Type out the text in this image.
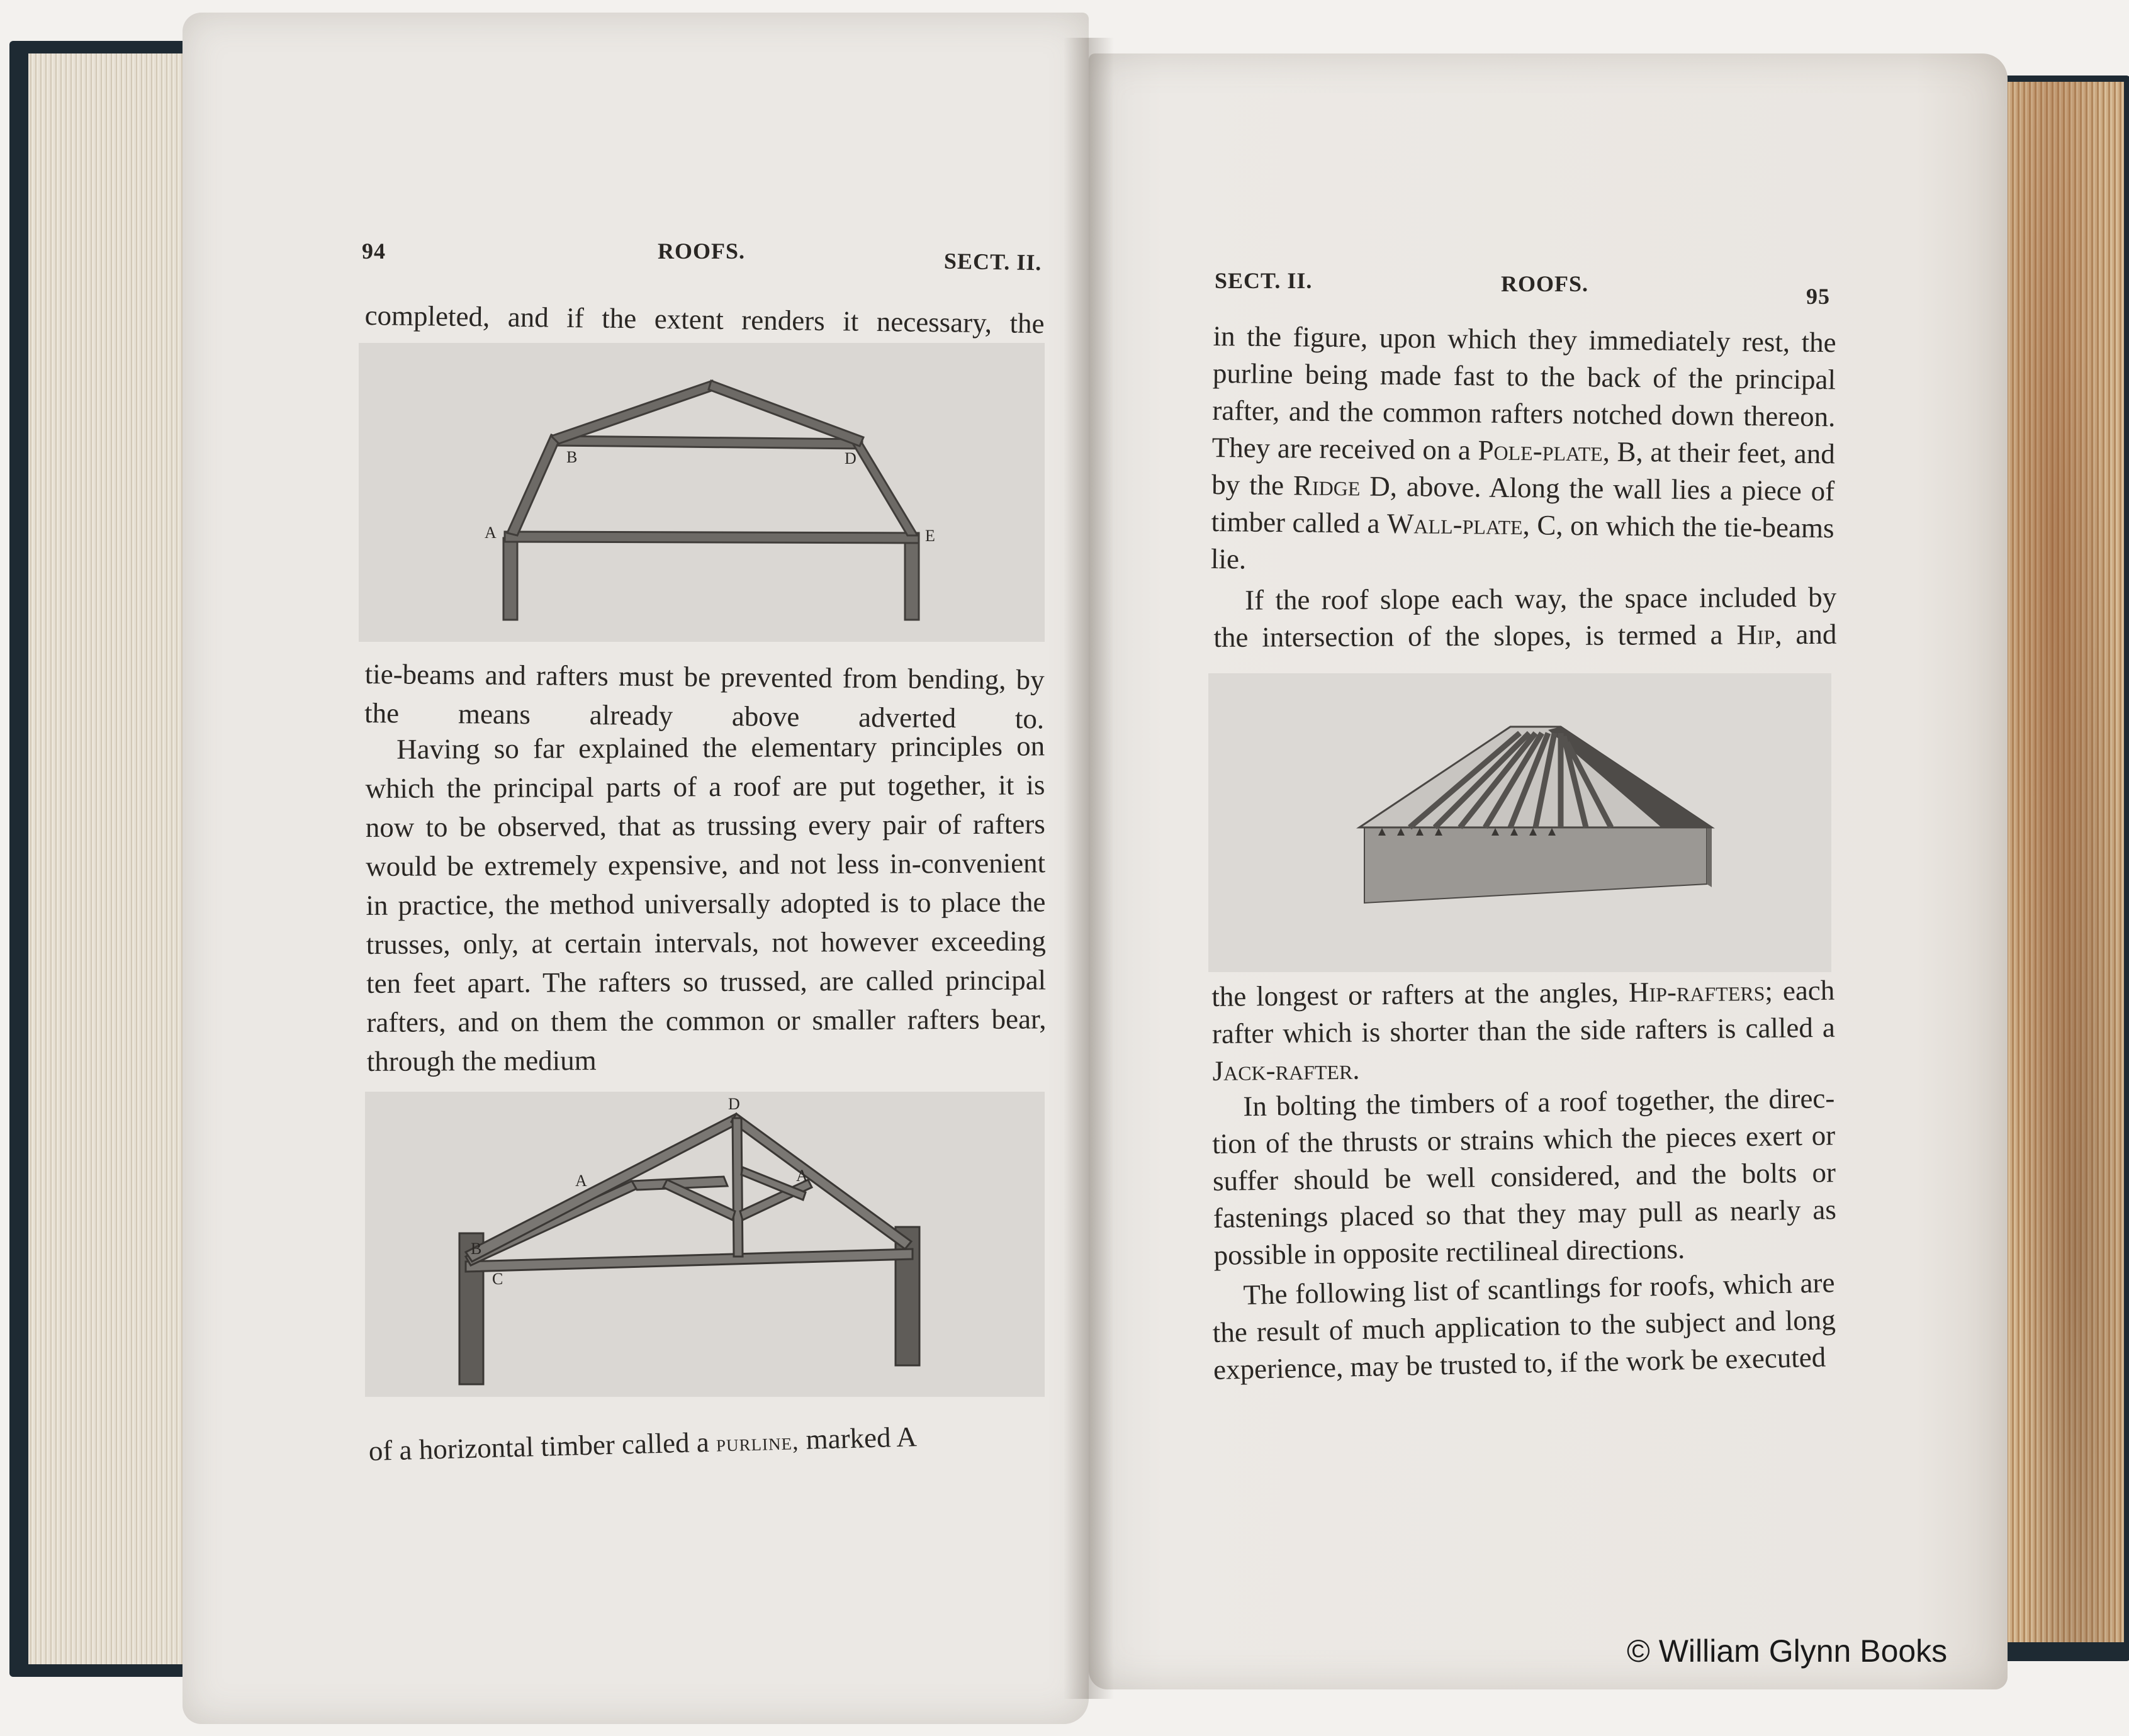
94	ROOFS.	SECT. II.
completed, and if the extent renders it necessary, the
A
B	D
E
tie-beams and rafters must be prevented from bending, by the means already above adverted to.
Having so far explained the elementary principles on which the principal parts of a roof are put together, it is now to be observed, that as trussing every pair of rafters would be extremely expensive, and not less in-convenient in practice, the method universally adopted is to place the trusses, only, at certain intervals, not however exceeding ten feet apart. The rafters so trussed, are called principal rafters, and on them the common or smaller rafters bear, through the medium
D
A	A
B
C
of a horizontal timber called a purline, marked A
SECT. II.	ROOFS.	95
in the figure, upon which they immediately rest, the purline being made fast to the back of the principal rafter, and the common rafters notched down thereon. They are received on a Pole-plate, B, at their feet, and by the Ridge D, above. Along the wall lies a piece of timber called a Wall-plate, C, on which the tie-beams lie.
If the roof slope each way, the space included by the intersection of the slopes, is termed a Hip, and
the longest or rafters at the angles, Hip-rafters; each rafter which is shorter than the side rafters is called a Jack-rafter.
In bolting the timbers of a roof together, the direc-tion of the thrusts or strains which the pieces exert or suffer should be well considered, and the bolts or fastenings placed so that they may pull as nearly as possible in opposite rectilineal directions.
The following list of scantlings for roofs, which are the result of much application to the subject and long experience, may be trusted to, if the work be executed
© William Glynn Books
